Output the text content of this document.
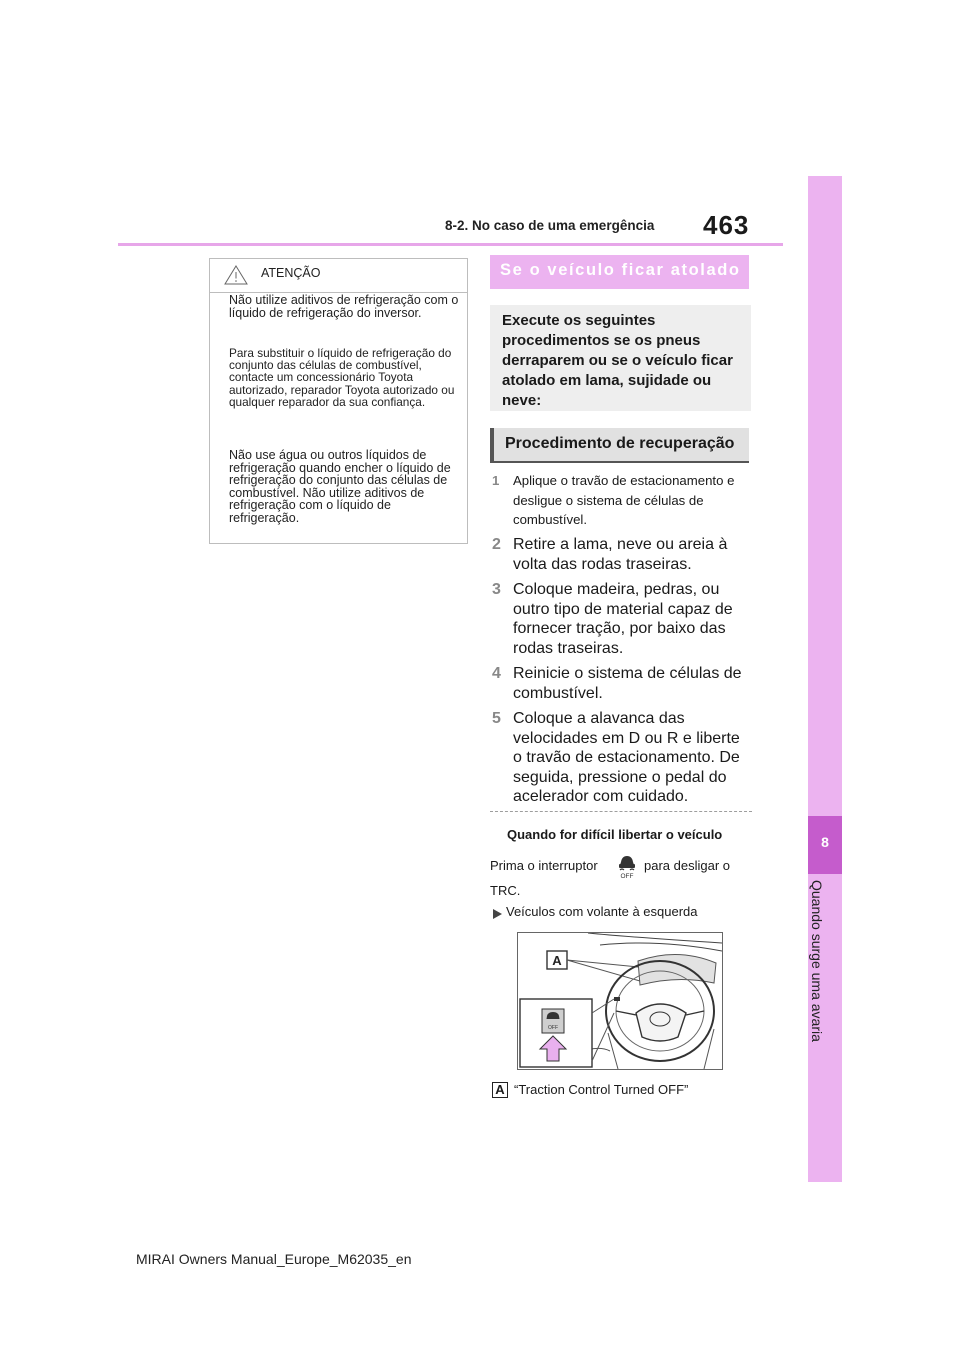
8-2. No caso de uma emergência 463
8
Quando surge uma avaria
ATENÇÃO
Não utilize aditivos de refrigeração com o líquido de refrigeração do inversor.
Para substituir o líquido de refrigeração do conjunto das células de combustível, contacte um concessionário Toyota autorizado, reparador Toyota autorizado ou qualquer reparador da sua confiança.
Não use água ou outros líquidos de refrigeração quando encher o líquido de refrigeração do conjunto das células de combustível. Não utilize aditivos de refrigeração com o líquido de refrigeração.
Se o veículo ficar atolado
Execute os seguintes procedimentos se os pneus derraparem ou se o veículo ficar atolado em lama, sujidade ou neve:
Procedimento de recuperação
1 Aplique o travão de estacionamento e desligue o sistema de células de combustível.
2 Retire a lama, neve ou areia à volta das rodas traseiras.
3 Coloque madeira, pedras, ou outro tipo de material capaz de fornecer tração, por baixo das rodas traseiras.
4 Reinicie o sistema de células de combustível.
5 Coloque a alavanca das velocidades em D ou R e liberte o travão de estacionamento. De seguida, pressione o pedal do acelerador com cuidado.
Quando for difícil libertar o veículo
Prima o interruptor
OFF
para desligar o
TRC.
Veículos com volante à esquerda
A
OFF
A “Traction Control Turned OFF”
MIRAI Owners Manual_Europe_M62035_en
